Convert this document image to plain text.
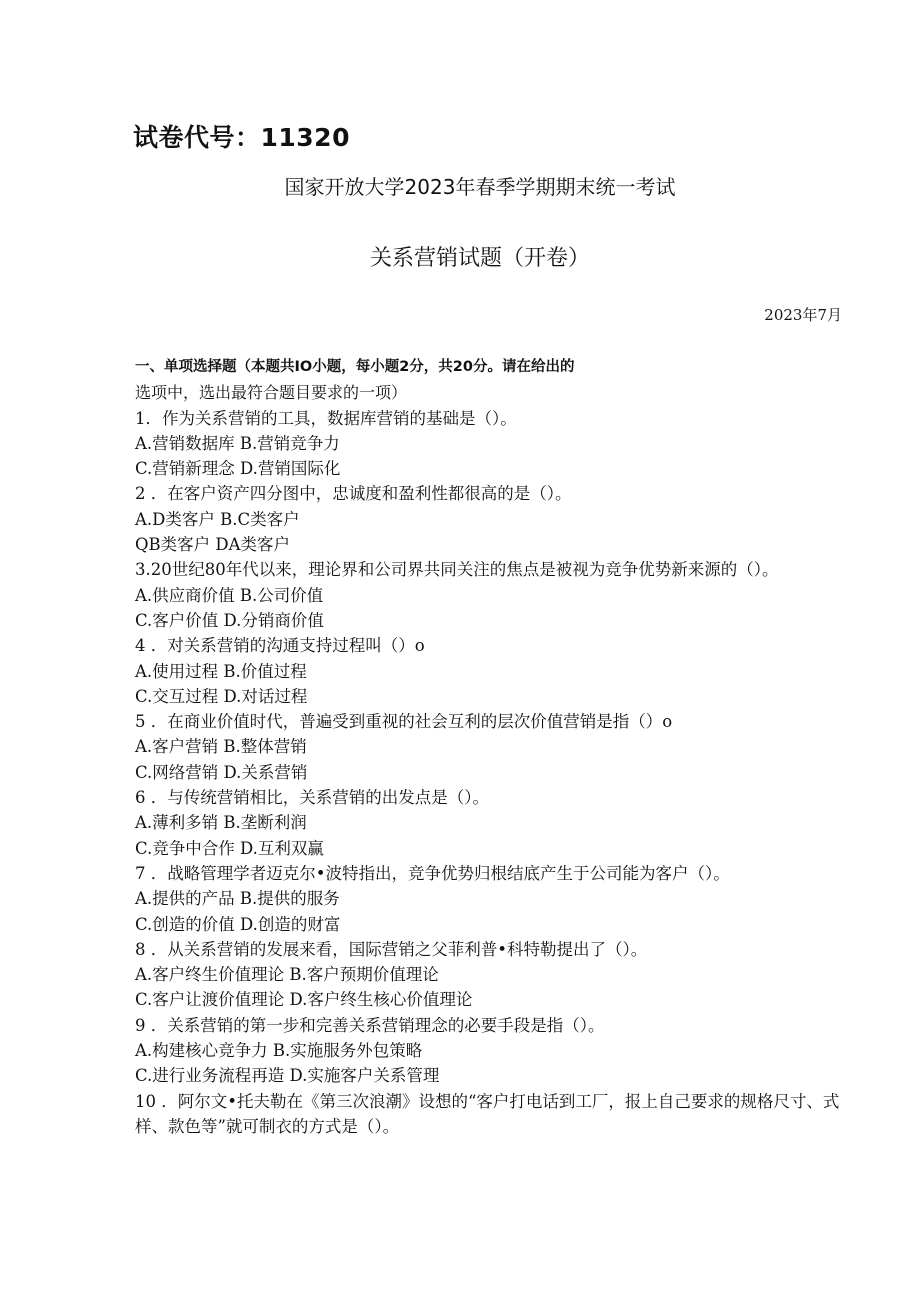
试卷代号：11320
国家开放大学2023年春季学期期末统一考试
关系营销试题（开卷）
2023年7月
一、单项选择题（本题共IO小题，每小题2分，共20分。请在给出的
选项中，选出最符合题目要求的一项）
1．作为关系营销的工具，数据库营销的基础是（）。
A.营销数据库 B.营销竞争力
C.营销新理念 D.营销国际化
2 ．在客户资产四分图中，忠诚度和盈利性都很高的是（）。
A.D类客户 B.C类客户
QB类客户 DA类客户
3.20世纪80年代以来，理论界和公司界共同关注的焦点是被视为竞争优势新来源的（）。
A.供应商价值 B.公司价值
C.客户价值 D.分销商价值
4 ．对关系营销的沟通支持过程叫（）o
A.使用过程 B.价值过程
C.交互过程 D.对话过程
5 ．在商业价值时代，普遍受到重视的社会互利的层次价值营销是指（）o
A.客户营销 B.整体营销
C.网络营销 D.关系营销
6 ．与传统营销相比，关系营销的出发点是（）。
A.薄利多销 B.垄断利润
C.竞争中合作 D.互利双赢
7 ．战略管理学者迈克尔•波特指出，竞争优势归根结底产生于公司能为客户（）。
A.提供的产品 B.提供的服务
C.创造的价值 D.创造的财富
8 ．从关系营销的发展来看，国际营销之父菲利普•科特勒提出了（）。
A.客户终生价值理论 B.客户预期价值理论
C.客户让渡价值理论 D.客户终生核心价值理论
9 ．关系营销的第一步和完善关系营销理念的必要手段是指（）。
A.构建核心竞争力 B.实施服务外包策略
C.进行业务流程再造 D.实施客户关系管理
10 ．阿尔文•托夫勒在《第三次浪潮》设想的“客户打电话到工厂，报上自己要求的规格尺寸、式样、款色等”就可制衣的方式是（）。
